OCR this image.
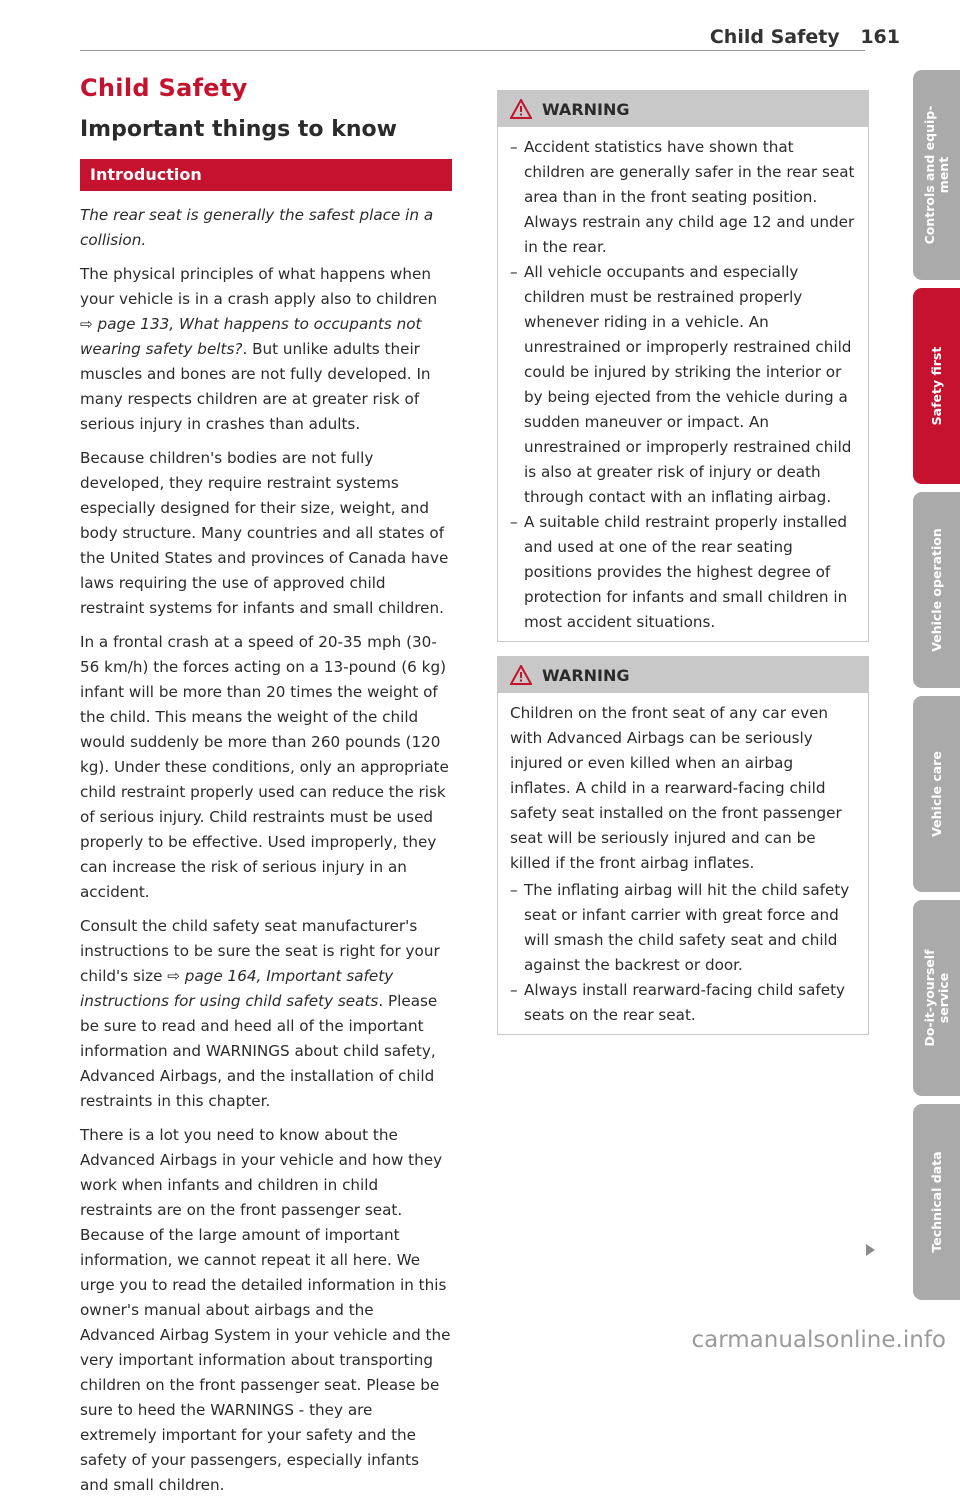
Child Safety 161
Child Safety
Important things to know
Introduction

The rear seat is generally the safest place in a collision.

The physical principles of what happens when your vehicle is in a crash apply also to children ⇨ page 133, What happens to occupants not wearing safety belts?. But unlike adults their muscles and bones are not fully developed. In many respects children are at greater risk of serious injury in crashes than adults.

Because children's bodies are not fully developed, they require restraint systems especially designed for their size, weight, and body structure. Many countries and all states of the United States and provinces of Canada have laws requiring the use of approved child restraint systems for infants and small children.

In a frontal crash at a speed of 20-35 mph (30-56 km/h) the forces acting on a 13-pound (6 kg) infant will be more than 20 times the weight of the child. This means the weight of the child would suddenly be more than 260 pounds (120 kg). Under these conditions, only an appropriate child restraint properly used can reduce the risk of serious injury. Child restraints must be used properly to be effective. Used improperly, they can increase the risk of serious injury in an accident.

Consult the child safety seat manufacturer's instructions to be sure the seat is right for your child's size ⇨ page 164, Important safety instructions for using child safety seats. Please be sure to read and heed all of the important information and WARNINGS about child safety, Advanced Airbags, and the installation of child restraints in this chapter.

There is a lot you need to know about the Advanced Airbags in your vehicle and how they work when infants and children in child restraints are on the front passenger seat. Because of the large amount of important information, we cannot repeat it all here. We urge you to read the detailed information in this owner's manual about airbags and the Advanced Airbag System in your vehicle and the very important information about transporting children on the front passenger seat. Please be sure to heed the WARNINGS - they are extremely important for your safety and the safety of your passengers, especially infants and small children.

WARNING
– Accident statistics have shown that children are generally safer in the rear seat area than in the front seating position. Always restrain any child age 12 and under in the rear.
– All vehicle occupants and especially children must be restrained properly whenever riding in a vehicle. An unrestrained or improperly restrained child could be injured by striking the interior or by being ejected from the vehicle during a sudden maneuver or impact. An unrestrained or improperly restrained child is also at greater risk of injury or death through contact with an inflating airbag.
– A suitable child restraint properly installed and used at one of the rear seating positions provides the highest degree of protection for infants and small children in most accident situations.
WARNING

Children on the front seat of any car even with Advanced Airbags can be seriously injured or even killed when an airbag inflates. A child in a rearward-facing child safety seat installed on the front passenger seat will be seriously injured and can be killed if the front airbag inflates.

– The inflating airbag will hit the child safety seat or infant carrier with great force and will smash the child safety seat and child against the backrest or door.
– Always install rearward-facing child safety seats on the rear seat.
Controls and equip-
ment
Safety first
Vehicle operation
Vehicle care
Do-it-yourself
service
Technical data
carmanualsonline.info
